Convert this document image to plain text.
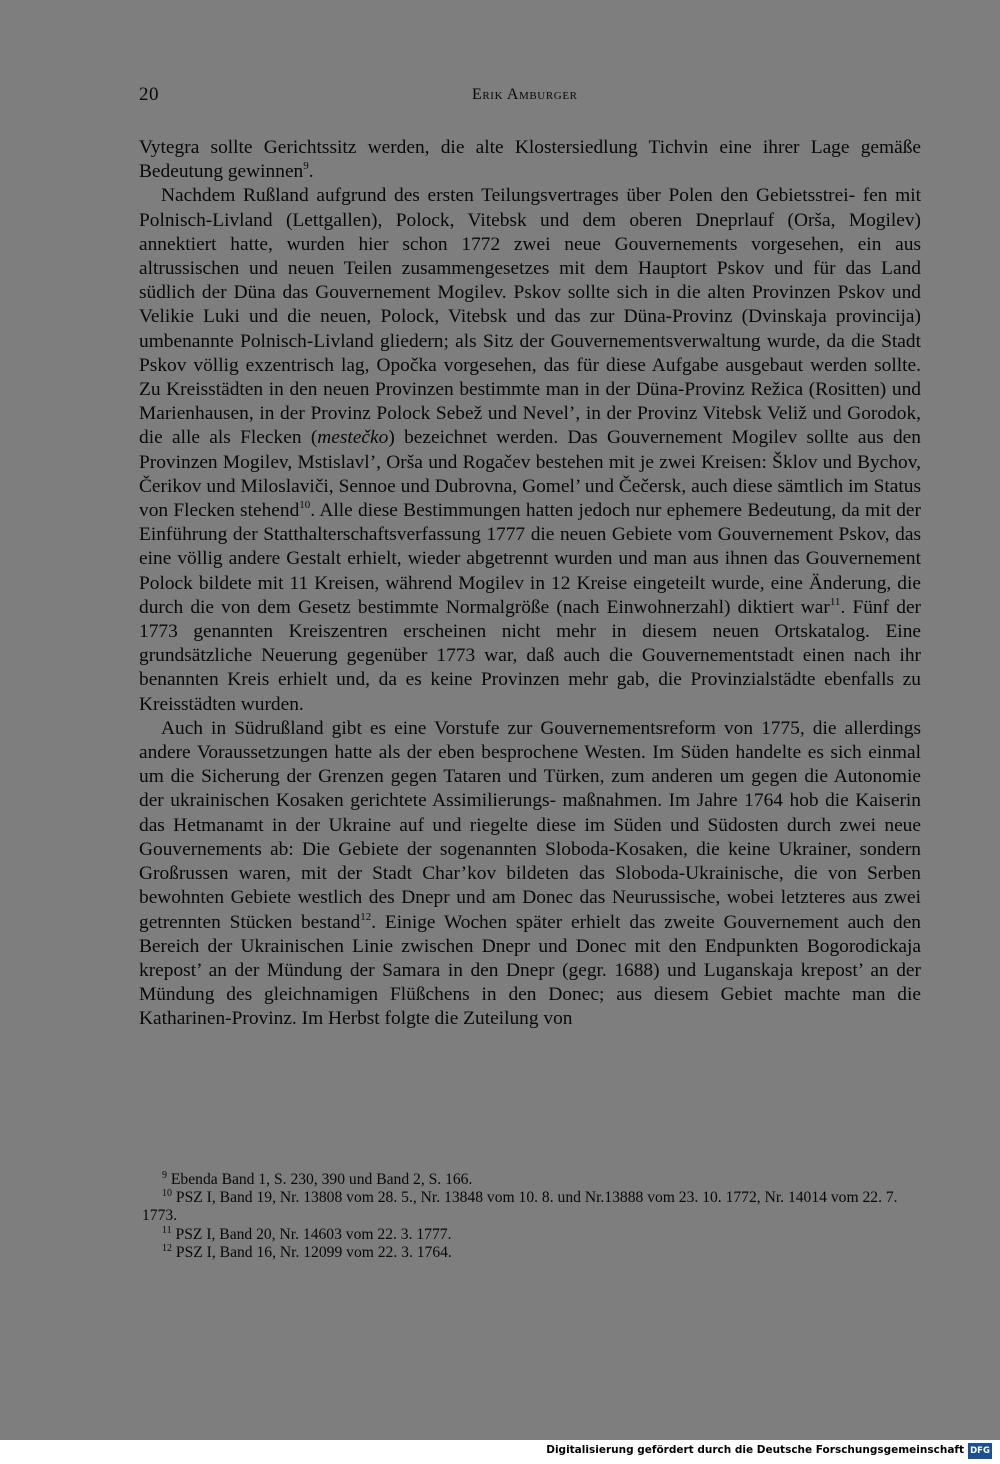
20	Erik Amburger

Vytegra sollte Gerichtssitz werden, die alte Klostersiedlung Tichvin eine ihrer Lage gemäße Bedeutung gewinnen$^9$.

Nachdem Rußland aufgrund des ersten Teilungsvertrages über Polen den Gebietsstrei- fen mit Polnisch-Livland (Lettgallen), Polock, Vitebsk und dem oberen Dneprlauf (Orša, Mogilev) annektiert hatte, wurden hier schon 1772 zwei neue Gouvernements vorgesehen, ein aus altrussischen und neuen Teilen zusammengesetzes mit dem Hauptort Pskov und für das Land südlich der Düna das Gouvernement Mogilev. Pskov sollte sich in die alten Provinzen Pskov und Velikie Luki und die neuen, Polock, Vitebsk und das zur Düna-Provinz (Dvinskaja provincija) umbenannte Polnisch-Livland gliedern; als Sitz der Gouvernementsverwaltung wurde, da die Stadt Pskov völlig exzentrisch lag, Opočka vorgesehen, das für diese Aufgabe ausgebaut werden sollte. Zu Kreisstädten in den neuen Provinzen bestimmte man in der Düna-Provinz Režica (Rositten) und Marienhausen, in der Provinz Polock Sebež und Nevel’, in der Provinz Vitebsk Velіž und Gorodok, die alle als Flecken (mestečko) bezeichnet werden. Das Gouvernement Mogilev sollte aus den Provinzen Mogilev, Mstislavl’, Orša und Rogačev bestehen mit je zwei Kreisen: Šklov und Bychov, Čerikov und Miloslaviči, Sennoe und Dubrovna, Gomel’ und Čečersk, auch diese sämtlich im Status von Flecken stehend$^{10}$. Alle diese Bestimmungen hatten jedoch nur ephemere Bedeutung, da mit der Einführung der Statthalterschaftsverfassung 1777 die neuen Gebiete vom Gouvernement Pskov, das eine völlig andere Gestalt erhielt, wieder abgetrennt wurden und man aus ihnen das Gouvernement Polock bildete mit 11 Kreisen, während Mogilev in 12 Kreise eingeteilt wurde, eine Änderung, die durch die von dem Gesetz bestimmte Normalgröße (nach Einwohnerzahl) diktiert war$^{11}$. Fünf der 1773 genannten Kreiszentren erscheinen nicht mehr in diesem neuen Ortskatalog. Eine grundsätzliche Neuerung gegenüber 1773 war, daß auch die Gouvernementstadt einen nach ihr benannten Kreis erhielt und, da es keine Provinzen mehr gab, die Provinzialstädte ebenfalls zu Kreisstädten wurden.

Auch in Südrußland gibt es eine Vorstufe zur Gouvernementsreform von 1775, die allerdings andere Voraussetzungen hatte als der eben besprochene Westen. Im Süden handelte es sich einmal um die Sicherung der Grenzen gegen Tataren und Türken, zum anderen um gegen die Autonomie der ukrainischen Kosaken gerichtete Assimilierungs- maßnahmen. Im Jahre 1764 hob die Kaiserin das Hetmanamt in der Ukraine auf und riegelte diese im Süden und Südosten durch zwei neue Gouvernements ab: Die Gebiete der sogenannten Sloboda-Kosaken, die keine Ukrainer, sondern Großrussen waren, mit der Stadt Char’kov bildeten das Sloboda-Ukrainische, die von Serben bewohnten Gebiete westlich des Dnepr und am Donec das Neurussische, wobei letzteres aus zwei getrennten Stücken bestand$^{12}$. Einige Wochen später erhielt das zweite Gouvernement auch den Bereich der Ukrainischen Linie zwischen Dnepr und Donec mit den Endpunkten Bogorodickaja krepost’ an der Mündung der Samara in den Dnepr (gegr. 1688) und Luganskaja krepost’ an der Mündung des gleichnamigen Flüßchens in den Donec; aus diesem Gebiet machte man die Katharinen-Provinz. Im Herbst folgte die Zuteilung von

$^9$ Ebenda Band 1, S. 230, 390 und Band 2, S. 166.

$^{10}$ PSZ I, Band 19, Nr. 13808 vom 28. 5., Nr. 13848 vom 10. 8. und Nr.13888 vom 23. 10. 1772, Nr. 14014 vom 22. 7. 1773.

$^{11}$ PSZ I, Band 20, Nr. 14603 vom 22. 3. 1777.

$^{12}$ PSZ I, Band 16, Nr. 12099 vom 22. 3. 1764.

Digitalisierung gefördert durch die Deutsche Forschungsgemeinschaft DFG
